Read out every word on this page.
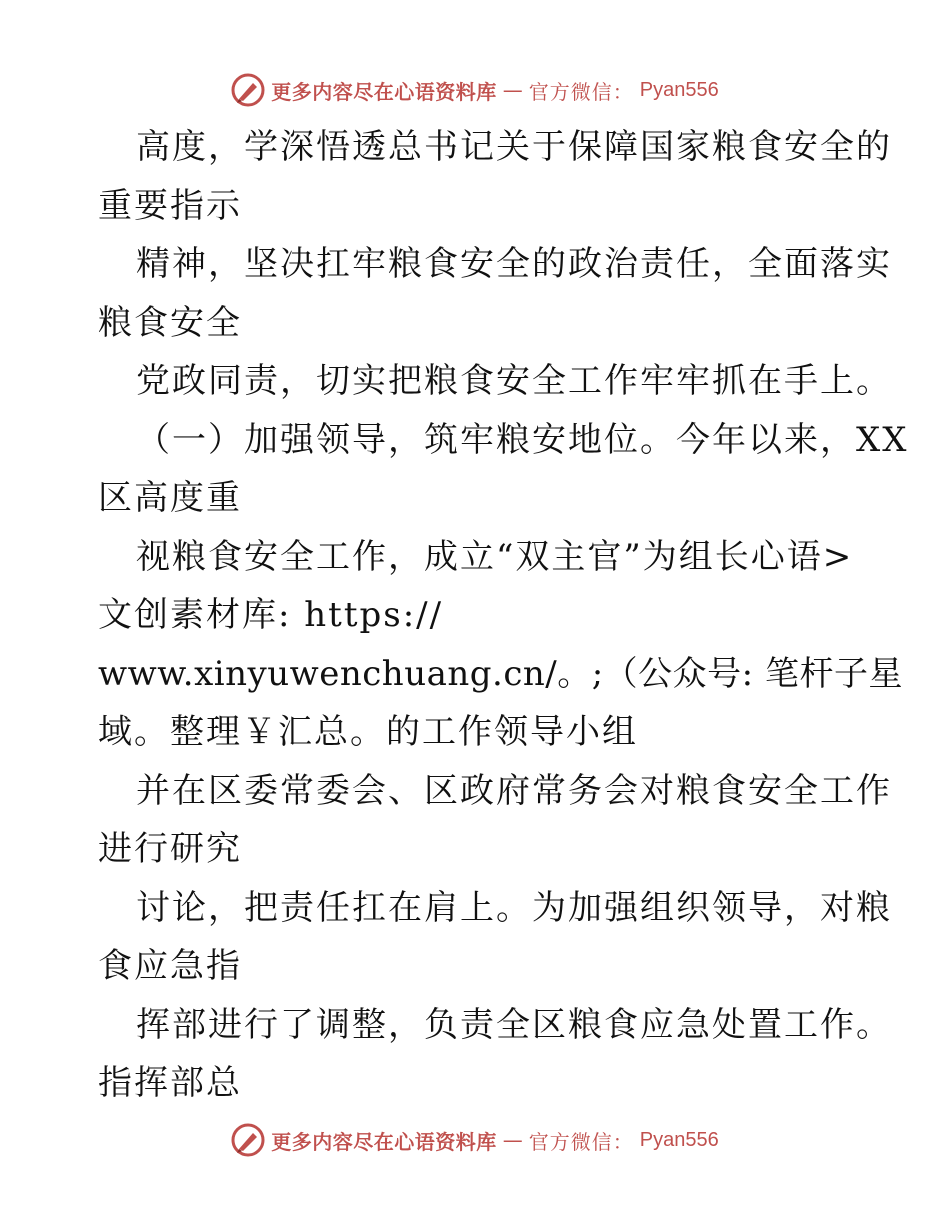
更多内容尽在心语资料库 — 官方微信： Pyan556
高度，学深悟透总书记关于保障国家粮食安全的
重要指示
精神，坚决扛牢粮食安全的政治责任，全面落实
粮食安全
党政同责，切实把粮食安全工作牢牢抓在手上。
（一）加强领导，筑牢粮安地位。今年以来，XX
区高度重
视粮食安全工作，成立“双主官”为组长心语>
文创素材库: https://
www.xinyuwenchuang.cn/。;（公众号: 笔杆子星
域。整理￥汇总。的工作领导小组
并在区委常委会、区政府常务会对粮食安全工作
进行研究
讨论，把责任扛在肩上。为加强组织领导，对粮
食应急指
挥部进行了调整，负责全区粮食应急处置工作。
指挥部总
更多内容尽在心语资料库 — 官方微信： Pyan556
